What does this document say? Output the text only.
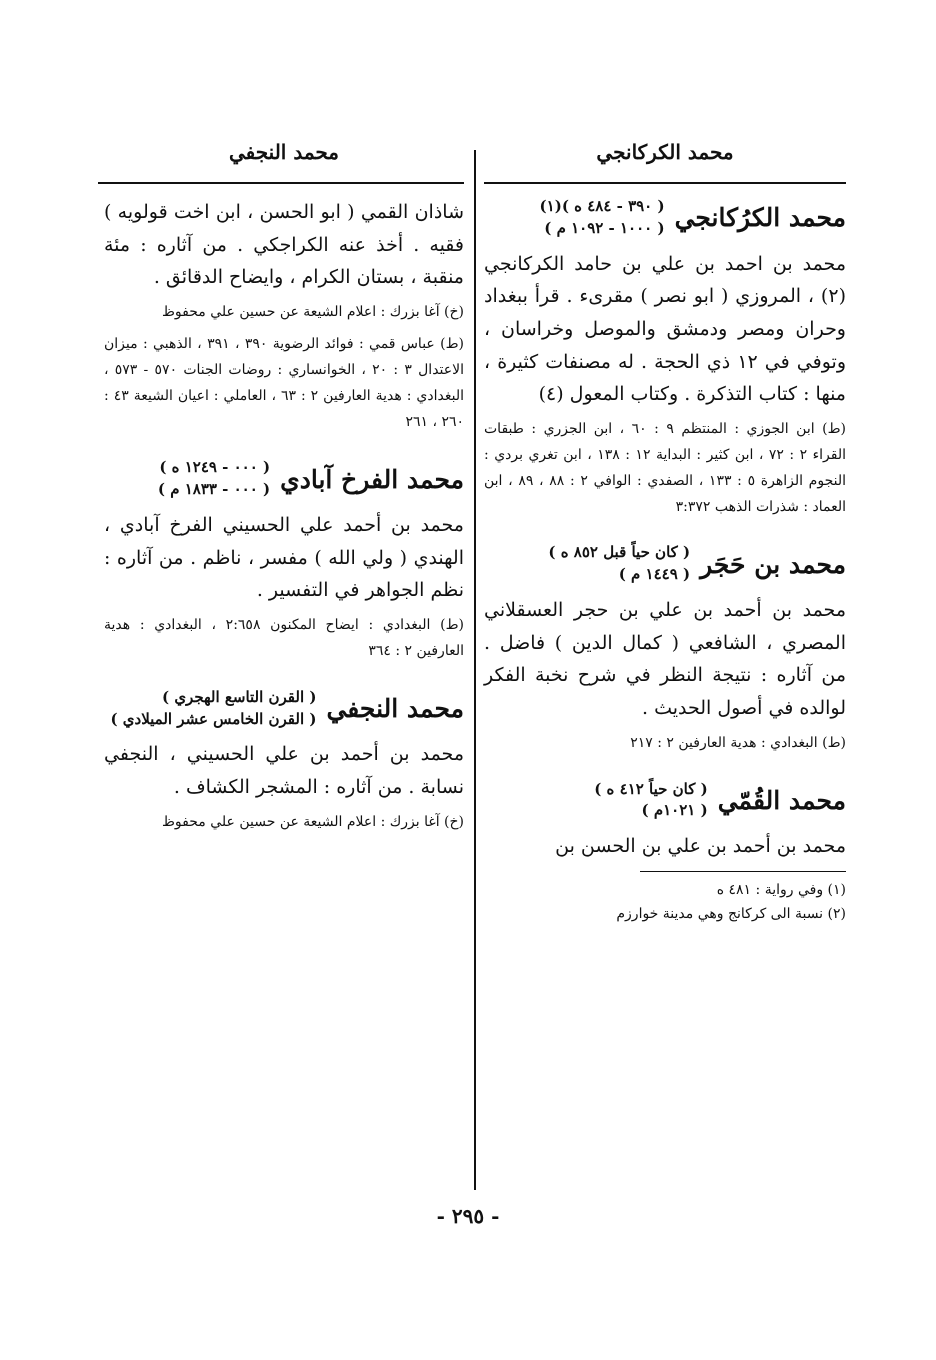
محمد الكركانجي
محمد النجفي
محمد الكرُكانجي
( ٣٩٠ - ٤٨٤ ه )(١)
( ١٠٠٠ - ١٠٩٢ م )

محمد بن احمد بن علي بن حامد الكركانجي (٢) ، المروزي ( ابو نصر ) مقرىء . قرأ ببغداد وحران ومصر ودمشق والموصل وخراسان ، وتوفي في ١٢ ذي الحجة . له مصنفات كثيرة ، منها : كتاب التذكرة . وكتاب المعول (٤)

(ط) ابن الجوزي : المنتظم ٩ : ٦٠ ، ابن الجزري : طبقات القراء ٢ : ٧٢ ، ابن كثير : البداية ١٢ : ١٣٨ ، ابن تغري بردي : النجوم الزاهرة ٥ : ١٣٣ ، الصفدي : الوافي ٢ : ٨٨ ، ٨٩ ، ابن العماد : شذرات الذهب ٣:٣٧٢

محمد بن حَجَر
( كان حياً قبل ٨٥٢ ه )
( ١٤٤٩ م )

محمد بن أحمد بن علي بن حجر العسقلاني المصري ، الشافعي ( كمال الدين ) فاضل . من آثاره : نتيجة النظر في شرح نخبة الفكر لوالده في أصول الحديث .

(ط) البغدادي : هدية العارفين ٢ : ٢١٧

محمد القُمّي
( كان حياً ٤١٢ ه )
( ١٠٢١م )

محمد بن أحمد بن علي بن الحسن بن

(١) وفي رواية : ٤٨١ ه

(٢) نسبة الى كركانج وهي مدينة خوارزم

شاذان القمي ( ابو الحسن ، ابن اخت قولويه ) فقيه . أخذ عنه الكراجكي . من آثاره : مئة منقبة ، بستان الكرام ، وايضاح الدقائق .

(خ) آغا بزرك : اعلام الشيعة عن حسين علي محفوظ

(ط) عباس قمي : فوائد الرضوية ٣٩٠ ، ٣٩١ ، الذهبي : ميزان الاعتدال ٣ : ٢٠ ، الخوانساري : روضات الجنات ٥٧٠ - ٥٧٣ ، البغدادي : هدية العارفين ٢ : ٦٣ ، العاملي : اعيان الشيعة ٤٣ : ٢٦٠ ، ٢٦١

محمد الفرخ آبادي
( ٠٠٠ - ١٢٤٩ ه )
( ٠٠٠ - ١٨٣٣ م )

محمد بن أحمد علي الحسيني الفرخ آبادي ، الهندي ( ولي الله ) مفسر ، ناظم . من آثاره : نظم الجواهر في التفسير .

(ط) البغدادي : ايضاح المكنون ٢:٦٥٨ ، البغدادي : هدية العارفين ٢ : ٣٦٤

محمد النجفي
( القرن التاسع الهجري )
( القرن الخامس عشر الميلادي )

محمد بن أحمد بن علي الحسيني ، النجفي نسابة . من آثاره : المشجر الكشاف .

(خ) آغا بزرك : اعلام الشيعة عن حسين علي محفوظ

- ٢٩٥ -
